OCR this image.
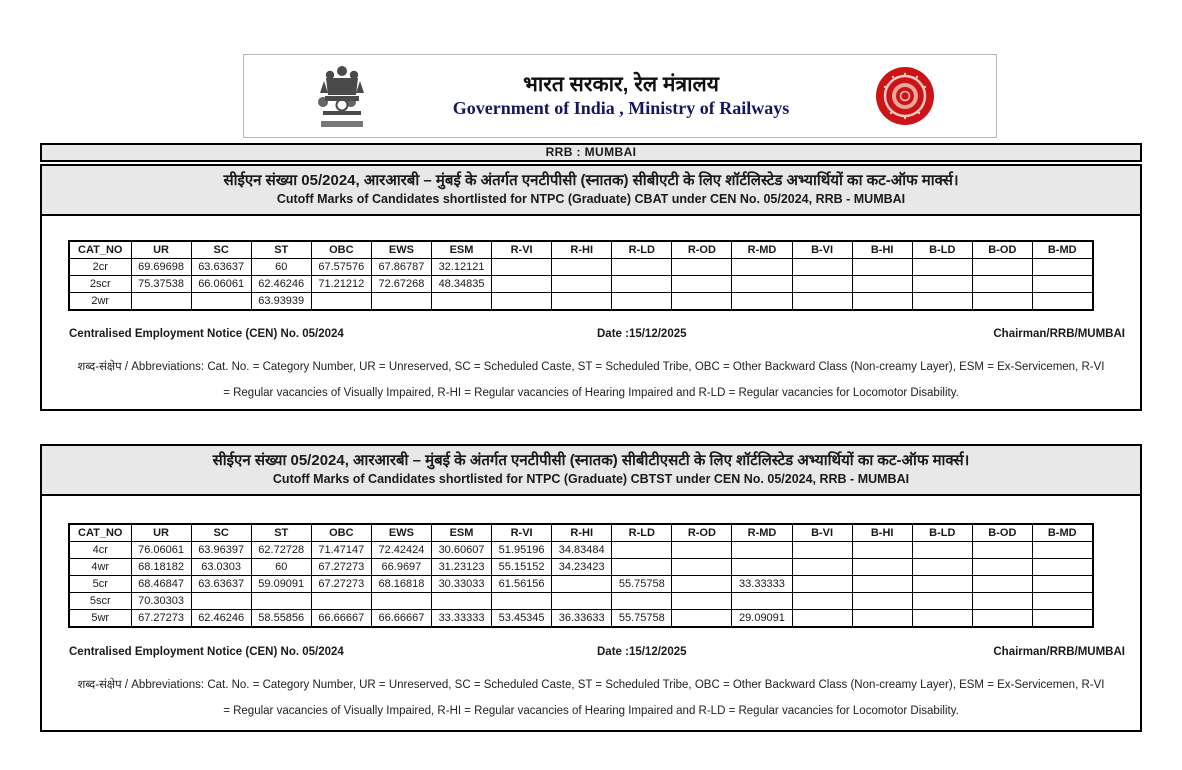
भारत सरकार, रेल मंत्रालय
Government of India , Ministry of Railways
RRB : MUMBAI
सीईएन संख्या 05/2024, आरआरबी – मुंबई के अंतर्गत एनटीपीसी (स्नातक) सीबीएटी के लिए शॉर्टलिस्टेड अभ्यार्थियों का कट-ऑफ मार्क्स।
Cutoff Marks of Candidates shortlisted for NTPC (Graduate) CBAT under CEN No. 05/2024, RRB - MUMBAI
CAT_NO	UR	SC	ST	OBC	EWS	ESM	R-VI	R-HI	R-LD	R-OD	R-MD	B-VI	B-HI	B-LD	B-OD	B-MD
2cr	69.69698	63.63637	60	67.57576	67.86787	32.12121										
2scr	75.37538	66.06061	62.46246	71.21212	72.67268	48.34835										
2wr			63.93939													
Centralised Employment Notice (CEN) No. 05/2024	Date :15/12/2025	Chairman/RRB/MUMBAI
शब्द-संक्षेप / Abbreviations: Cat. No. = Category Number, UR = Unreserved, SC = Scheduled Caste, ST = Scheduled Tribe, OBC = Other Backward Class (Non-creamy Layer), ESM = Ex-Servicemen, R-VI
= Regular vacancies of Visually Impaired, R-HI = Regular vacancies of Hearing Impaired and R-LD = Regular vacancies for Locomotor Disability.
सीईएन संख्या 05/2024, आरआरबी – मुंबई के अंतर्गत एनटीपीसी (स्नातक) सीबीटीएसटी के लिए शॉर्टलिस्टेड अभ्यार्थियों का कट-ऑफ मार्क्स।
Cutoff Marks of Candidates shortlisted for NTPC (Graduate) CBTST under CEN No. 05/2024, RRB - MUMBAI
CAT_NO	UR	SC	ST	OBC	EWS	ESM	R-VI	R-HI	R-LD	R-OD	R-MD	B-VI	B-HI	B-LD	B-OD	B-MD
4cr	76.06061	63.96397	62.72728	71.47147	72.42424	30.60607	51.95196	34.83484								
4wr	68.18182	63.0303	60	67.27273	66.9697	31.23123	55.15152	34.23423								
5cr	68.46847	63.63637	59.09091	67.27273	68.16818	30.33033	61.56156		55.75758		33.33333					
5scr	70.30303															
5wr	67.27273	62.46246	58.55856	66.66667	66.66667	33.33333	53.45345	36.33633	55.75758		29.09091					
Centralised Employment Notice (CEN) No. 05/2024	Date :15/12/2025	Chairman/RRB/MUMBAI
शब्द-संक्षेप / Abbreviations: Cat. No. = Category Number, UR = Unreserved, SC = Scheduled Caste, ST = Scheduled Tribe, OBC = Other Backward Class (Non-creamy Layer), ESM = Ex-Servicemen, R-VI
= Regular vacancies of Visually Impaired, R-HI = Regular vacancies of Hearing Impaired and R-LD = Regular vacancies for Locomotor Disability.
